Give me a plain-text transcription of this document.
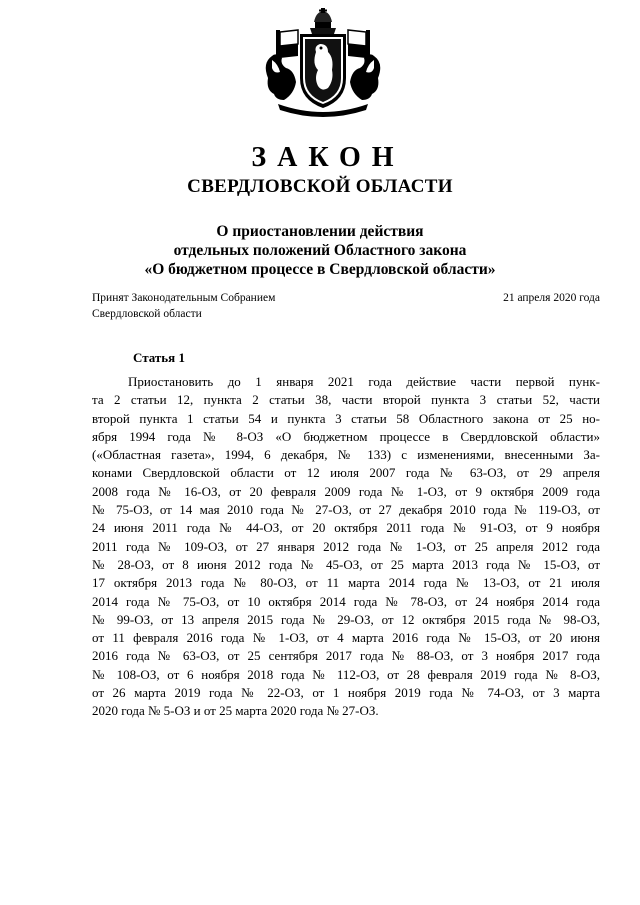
ЗАКОН
СВЕРДЛОВСКОЙ ОБЛАСТИ
О приостановлении действия
отдельных положений Областного закона
«О бюджетном процессе в Свердловской области»
Принят Законодательным Собранием
Свердловской области
21 апреля 2020 года
Статья 1
Приостановить до 1 января 2021 года действие части первой пунк-
та 2 статьи 12, пункта 2 статьи 38, части второй пункта 3 статьи 52, части
второй пункта 1 статьи 54 и пункта 3 статьи 58 Областного закона от 25 но-
ября 1994 года № 8-ОЗ «О бюджетном процессе в Свердловской области»
(«Областная газета», 1994, 6 декабря, № 133) с изменениями, внесенными За-
конами Свердловской области от 12 июля 2007 года № 63-ОЗ, от 29 апреля
2008 года № 16-ОЗ, от 20 февраля 2009 года № 1-ОЗ, от 9 октября 2009 года
№ 75-ОЗ, от 14 мая 2010 года № 27-ОЗ, от 27 декабря 2010 года № 119-ОЗ, от
24 июня 2011 года № 44-ОЗ, от 20 октября 2011 года № 91-ОЗ, от 9 ноября
2011 года № 109-ОЗ, от 27 января 2012 года № 1-ОЗ, от 25 апреля 2012 года
№ 28-ОЗ, от 8 июня 2012 года № 45-ОЗ, от 25 марта 2013 года № 15-ОЗ, от
17 октября 2013 года № 80-ОЗ, от 11 марта 2014 года № 13-ОЗ, от 21 июля
2014 года № 75-ОЗ, от 10 октября 2014 года № 78-ОЗ, от 24 ноября 2014 года
№ 99-ОЗ, от 13 апреля 2015 года № 29-ОЗ, от 12 октября 2015 года № 98-ОЗ,
от 11 февраля 2016 года № 1-ОЗ, от 4 марта 2016 года № 15-ОЗ, от 20 июня
2016 года № 63-ОЗ, от 25 сентября 2017 года № 88-ОЗ, от 3 ноября 2017 года
№ 108-ОЗ, от 6 ноября 2018 года № 112-ОЗ, от 28 февраля 2019 года № 8-ОЗ,
от 26 марта 2019 года № 22-ОЗ, от 1 ноября 2019 года № 74-ОЗ, от 3 марта
2020 года № 5-ОЗ и от 25 марта 2020 года № 27-ОЗ.
